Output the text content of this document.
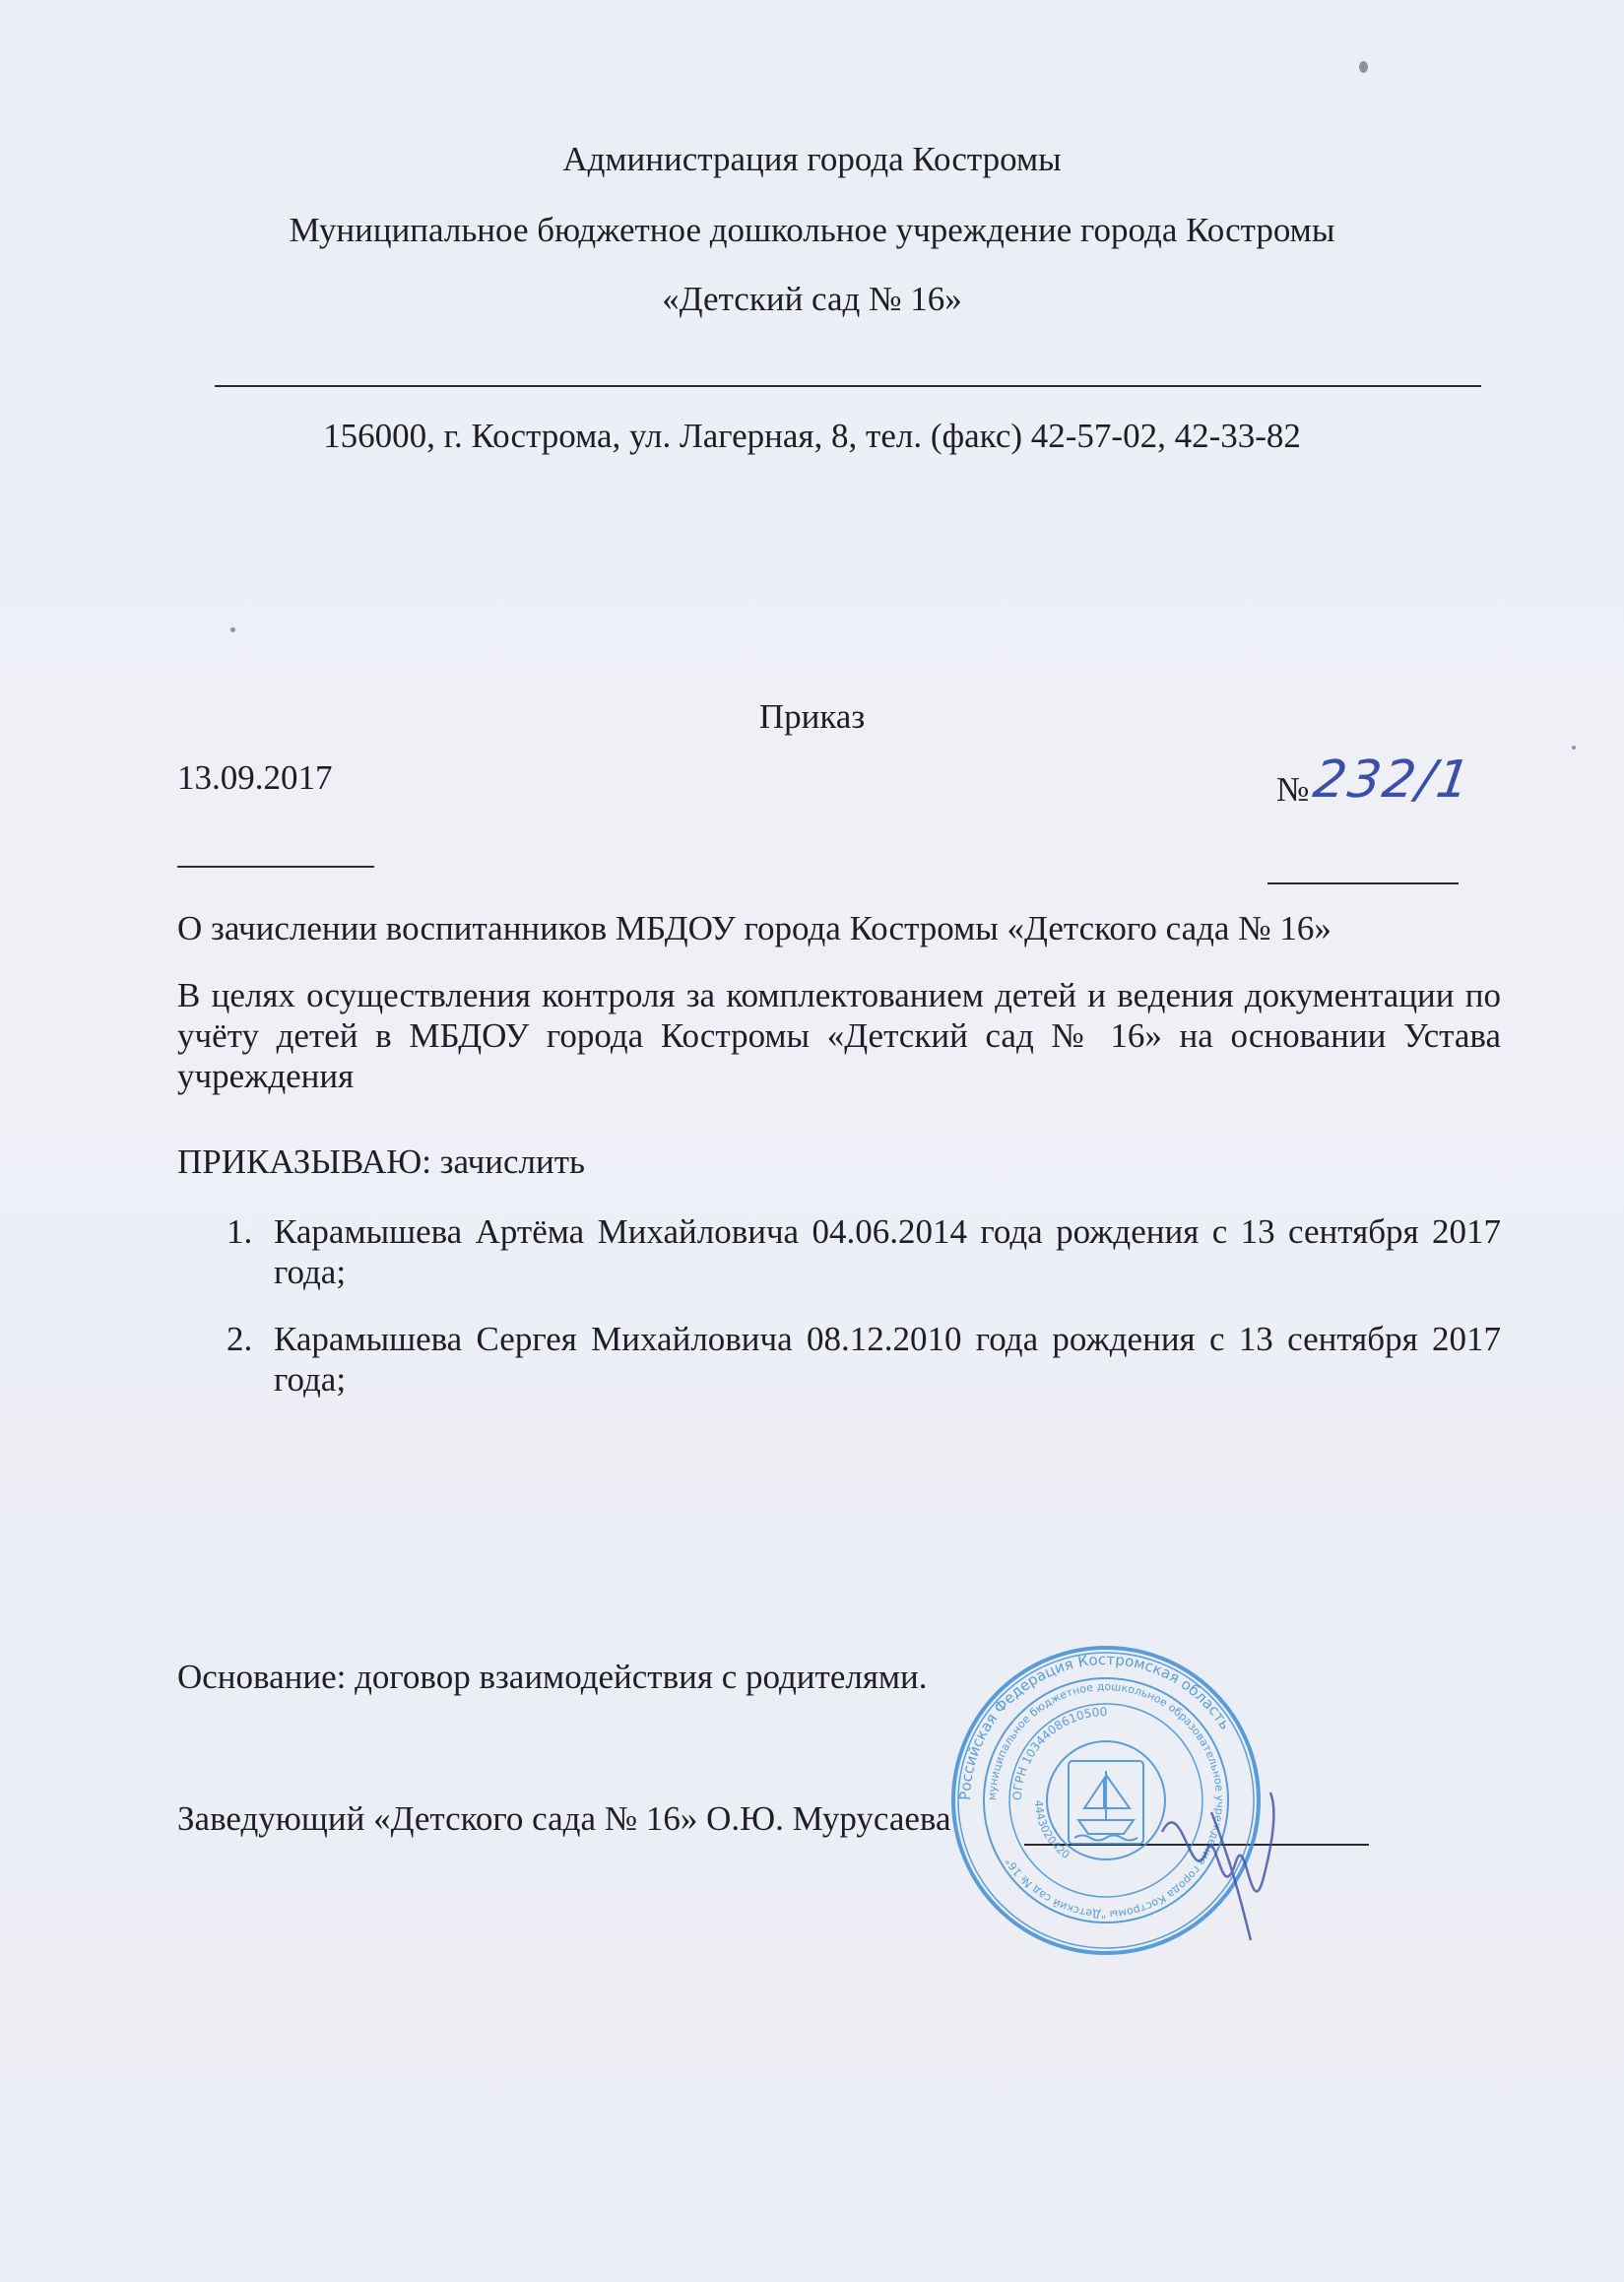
Администрация города Костромы
Муниципальное бюджетное дошкольное учреждение города Костромы
«Детский сад № 16»
156000, г. Кострома, ул. Лагерная, 8, тел. (факс) 42-57-02, 42-33-82
Приказ
13.09.2017	№ 232/1
О зачислении воспитанников МБДОУ города Костромы «Детского сада № 16»
В целях осуществления контроля за комплектованием детей и ведения документации по учёту детей в МБДОУ города Костромы «Детский сад № 16» на основании Устава учреждения
ПРИКАЗЫВАЮ: зачислить
1. Карамышева Артёма Михайловича 04.06.2014 года рождения с 13 сентября 2017 года;
2. Карамышева Сергея Михайловича 08.12.2010 года рождения с 13 сентября 2017 года;
Основание: договор взаимодействия с родителями.
Заведующий «Детского сада № 16» О.Ю. Мурусаева
Российская Федерация Костромская область
муниципальное бюджетное дошкольное образовательное учреждение города Костромы "Детский сад № 16"
ОГРН 1034408610500
4443020420
